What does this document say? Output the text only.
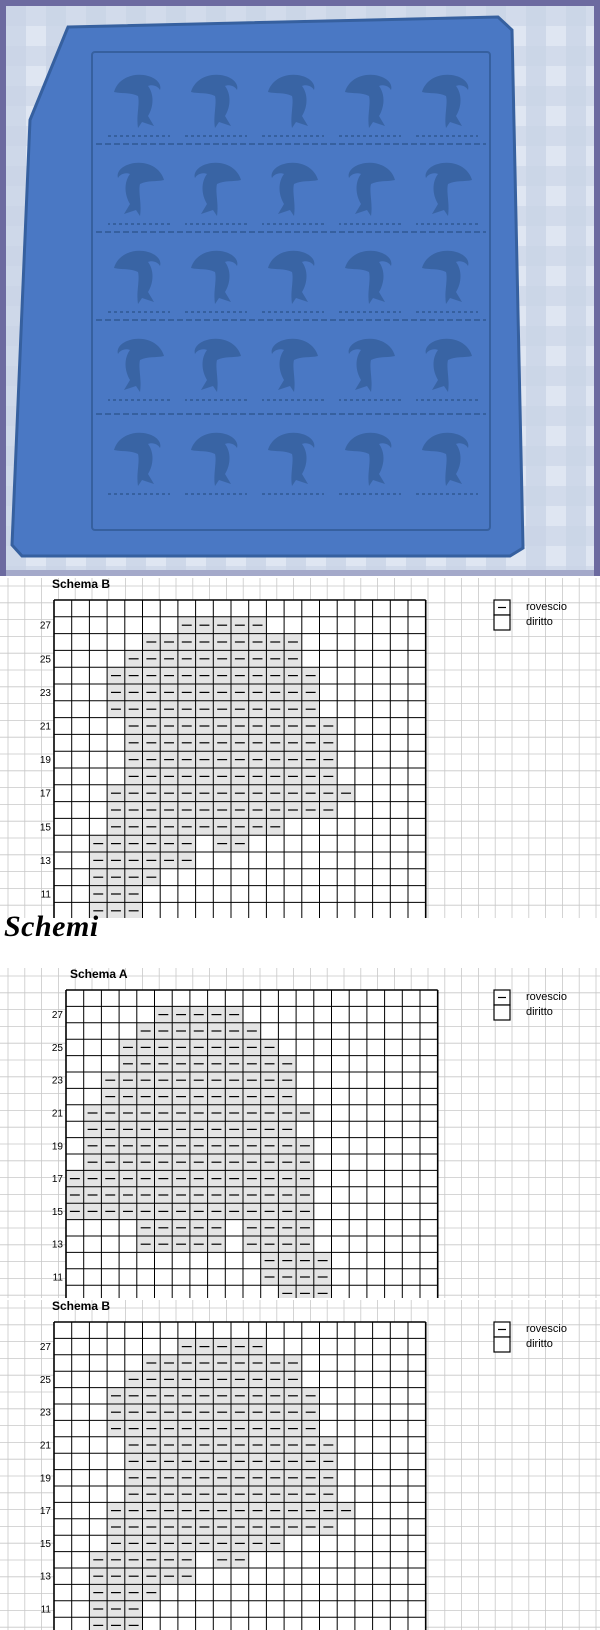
Schema B
11
13
15
17
19
21
23
25
27
rovescio
diritto
Schemi
Schema A
11
13
15
17
19
21
23
25
27
rovescio
diritto
Schema B
11
13
15
17
19
21
23
25
27
rovescio
diritto
